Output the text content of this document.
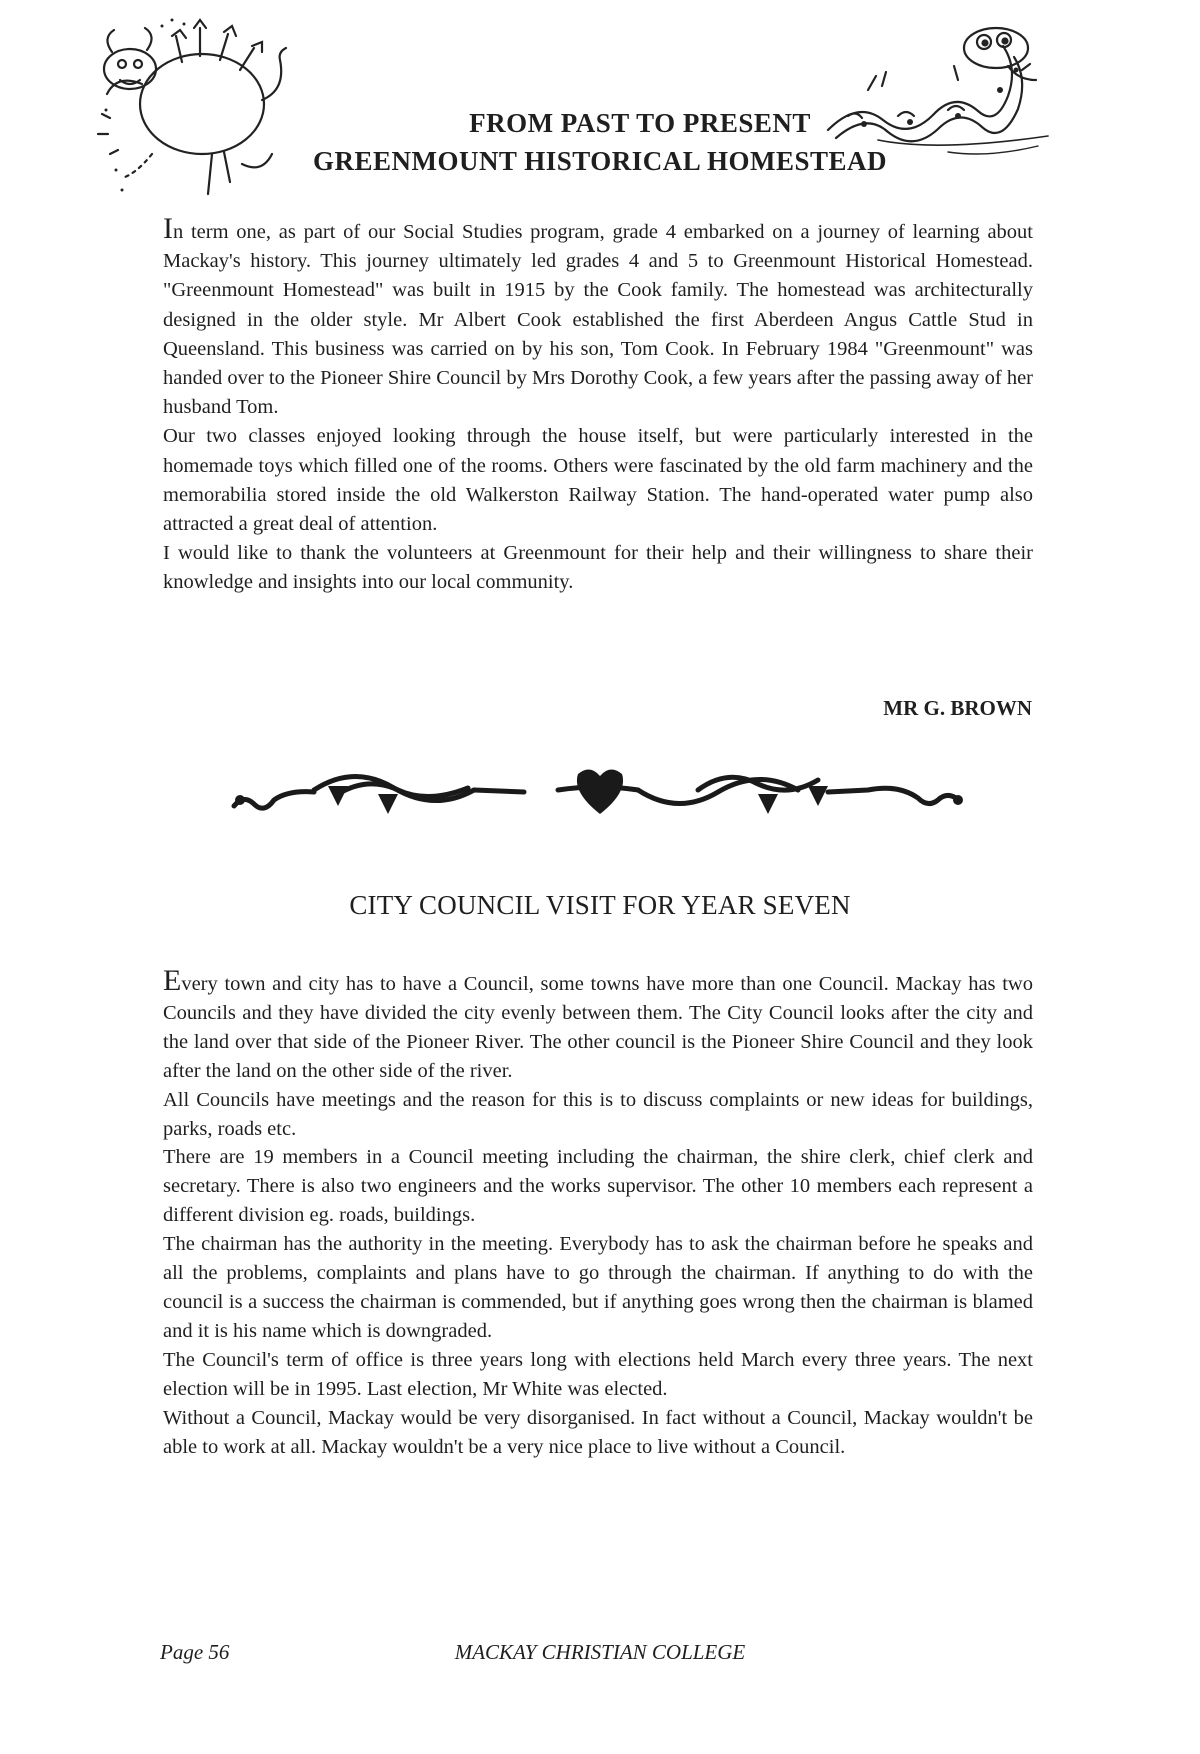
FROM PAST TO PRESENT
GREENMOUNT HISTORICAL HOMESTEAD

In term one, as part of our Social Studies program, grade 4 embarked on a journey of learning about Mackay's history. This journey ultimately led grades 4 and 5 to Greenmount Historical Homestead. "Greenmount Homestead" was built in 1915 by the Cook family. The homestead was architecturally designed in the older style. Mr Albert Cook established the first Aberdeen Angus Cattle Stud in Queensland. This business was carried on by his son, Tom Cook. In February 1984 "Greenmount" was handed over to the Pioneer Shire Council by Mrs Dorothy Cook, a few years after the passing away of her husband Tom.

Our two classes enjoyed looking through the house itself, but were particularly interested in the homemade toys which filled one of the rooms. Others were fascinated by the old farm machinery and the memorabilia stored inside the old Walkerston Railway Station. The hand-operated water pump also attracted a great deal of attention.

I would like to thank the volunteers at Greenmount for their help and their willingness to share their knowledge and insights into our local community.

MR G. BROWN
CITY COUNCIL VISIT FOR YEAR SEVEN

Every town and city has to have a Council, some towns have more than one Council. Mackay has two Councils and they have divided the city evenly between them. The City Council looks after the city and the land over that side of the Pioneer River. The other council is the Pioneer Shire Council and they look after the land on the other side of the river.

All Councils have meetings and the reason for this is to discuss complaints or new ideas for buildings, parks, roads etc.

There are 19 members in a Council meeting including the chairman, the shire clerk, chief clerk and secretary. There is also two engineers and the works supervisor. The other 10 members each represent a different division eg. roads, buildings.

The chairman has the authority in the meeting. Everybody has to ask the chairman before he speaks and all the problems, complaints and plans have to go through the chairman. If anything to do with the council is a success the chairman is commended, but if anything goes wrong then the chairman is blamed and it is his name which is downgraded.

The Council's term of office is three years long with elections held March every three years. The next election will be in 1995. Last election, Mr White was elected.

Without a Council, Mackay would be very disorganised. In fact without a Council, Mackay wouldn't be able to work at all. Mackay wouldn't be a very nice place to live without a Council.

Page 56	MACKAY CHRISTIAN COLLEGE
